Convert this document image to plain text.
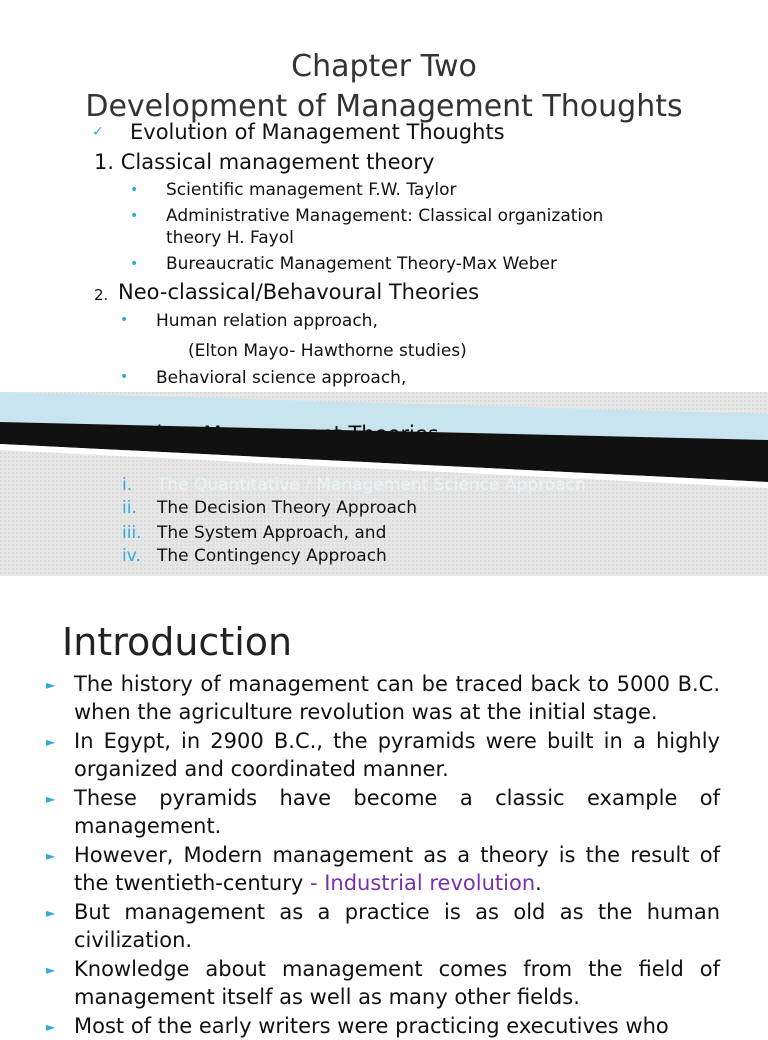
Chapter Two
Development of Management Thoughts
✓ Evolution of Management Thoughts
1. Classical management theory
• Scientific management F.W. Taylor
• Administrative Management: Classical organization
theory H. Fayol
• Bureaucratic Management Theory-Max Weber
2. Neo-classical/Behavoural Theories
• Human relation approach,
(Elton Mayo- Hawthorne studies)
• Behavioral science approach,
3. Modern Management Theories
i. The Quantitative / Management Science Approach
ii. The Decision Theory Approach
iii. The System Approach, and
iv. The Contingency Approach
Introduction
► The history of management can be traced back to 5000 B.C. when the agriculture revolution was at the initial stage.
► In Egypt, in 2900 B.C., the pyramids were built in a highly organized and coordinated manner.
► These pyramids have become a classic example of management.
► However, Modern management as a theory is the result of the twentieth-century - Industrial revolution.
► But management as a practice is as old as the human civilization.
► Knowledge about management comes from the field of management itself as well as many other fields.
► Most of the early writers were practicing executives who
